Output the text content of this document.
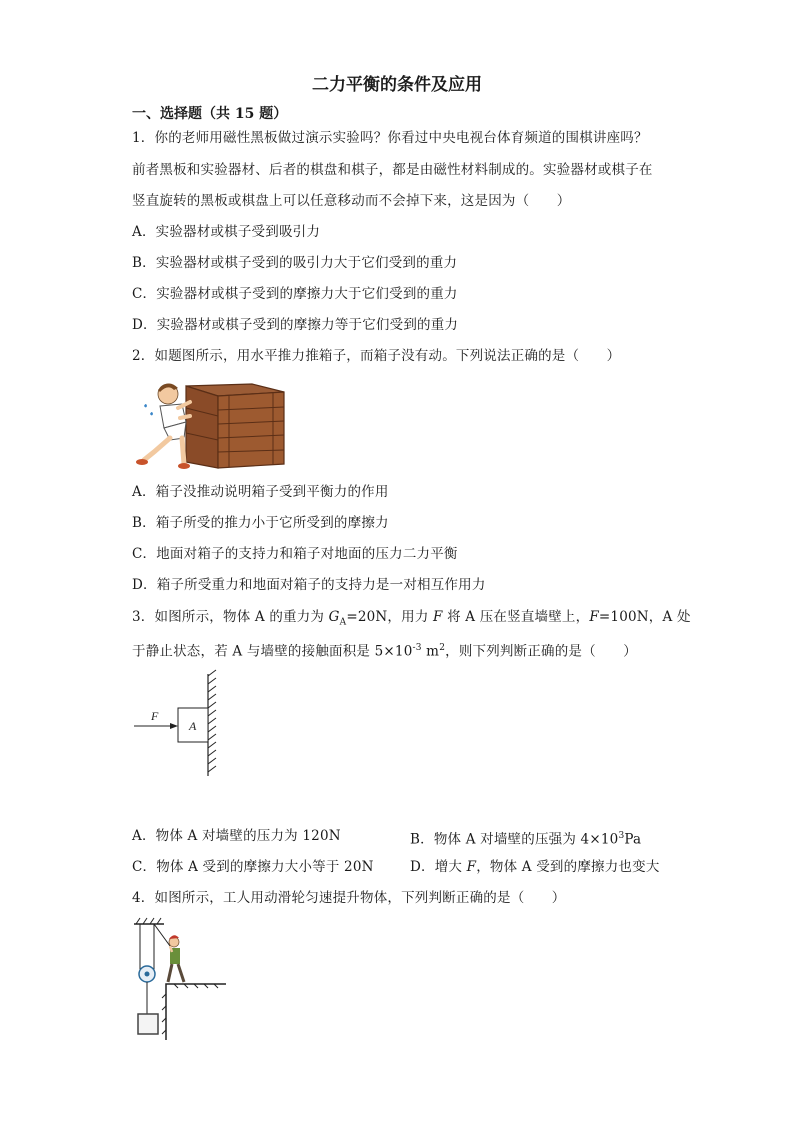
二力平衡的条件及应用
一、选择题（共 15 题）
1．你的老师用磁性黑板做过演示实验吗？你看过中央电视台体育频道的围棋讲座吗？
前者黑板和实验器材、后者的棋盘和棋子，都是由磁性材料制成的。实验器材或棋子在
竖直旋转的黑板或棋盘上可以任意移动而不会掉下来，这是因为（　　）
A．实验器材或棋子受到吸引力
B．实验器材或棋子受到的吸引力大于它们受到的重力
C．实验器材或棋子受到的摩擦力大于它们受到的重力
D．实验器材或棋子受到的摩擦力等于它们受到的重力
2．如题图所示，用水平推力推箱子，而箱子没有动。下列说法正确的是（　　）
A．箱子没推动说明箱子受到平衡力的作用
B．箱子所受的推力小于它所受到的摩擦力
C．地面对箱子的支持力和箱子对地面的压力二力平衡
D．箱子所受重力和地面对箱子的支持力是一对相互作用力
3．如图所示，物体 A 的重力为 $G_A=20N$，用力 F 将 A 压在竖直墙壁上，F=100N，A 处
于静止状态，若 A 与墙壁的接触面积是 $5\times 10^{-3}$ $m^2$，则下列判断正确的是（　　）
F
A
A．物体 A 对墙壁的压力为 120N	B．物体 A 对墙壁的压强为 $4\times 10^3Pa$
C．物体 A 受到的摩擦力大小等于 20N	D．增大 F，物体 A 受到的摩擦力也变大
4．如图所示，工人用动滑轮匀速提升物体，下列判断正确的是（　　）
